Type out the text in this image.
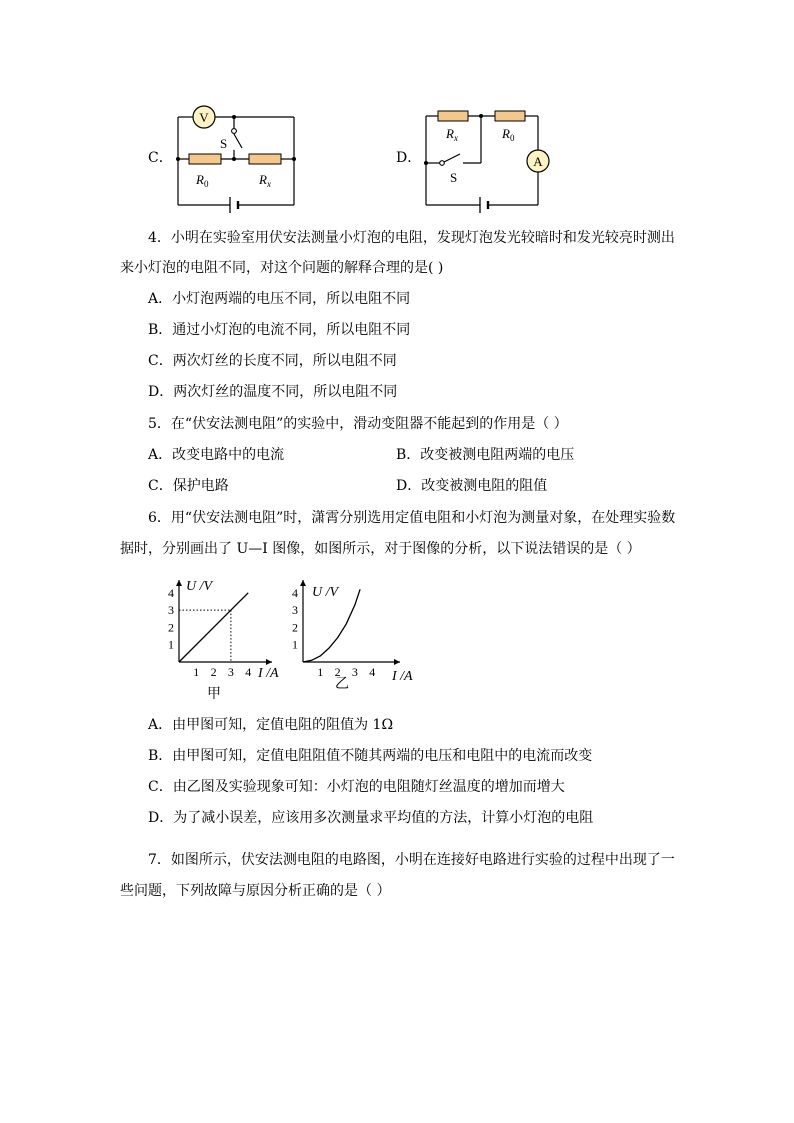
C．
V
S
$R_0$	$R_x$
D．	A
S
$R_x$	$R_0$
4．小明在实验室用伏安法测量小灯泡的电阻，发现灯泡发光较暗时和发光较亮时测出
来小灯泡的电阻不同，对这个问题的解释合理的是( )
A．小灯泡两端的电压不同，所以电阻不同
B．通过小灯泡的电流不同，所以电阻不同
C．两次灯丝的长度不同，所以电阻不同
D．两次灯丝的温度不同，所以电阻不同
5．在“伏安法测电阻”的实验中，滑动变阻器不能起到的作用是（ ）
A．改变电路中的电流	B．改变被测电阻两端的电压
C．保护电路	D．改变被测电阻的阻值
6．用“伏安法测电阻”时，潇霄分别选用定值电阻和小灯泡为测量对象，在处理实验数
据时，分别画出了 U—I 图像，如图所示，对于图像的分析，以下说法错误的是（ ）
1 2 3 4
1
2
3
4 U /V
I /A
甲
1 2 3 4
1
2
3
4 U /V
I /A
乙
A．由甲图可知，定值电阻的阻值为 1Ω
B．由甲图可知，定值电阻阻值不随其两端的电压和电阻中的电流而改变
C．由乙图及实验现象可知：小灯泡的电阻随灯丝温度的增加而增大
D．为了减小误差，应该用多次测量求平均值的方法，计算小灯泡的电阻
7．如图所示，伏安法测电阻的电路图，小明在连接好电路进行实验的过程中出现了一
些问题，下列故障与原因分析正确的是（ ）
